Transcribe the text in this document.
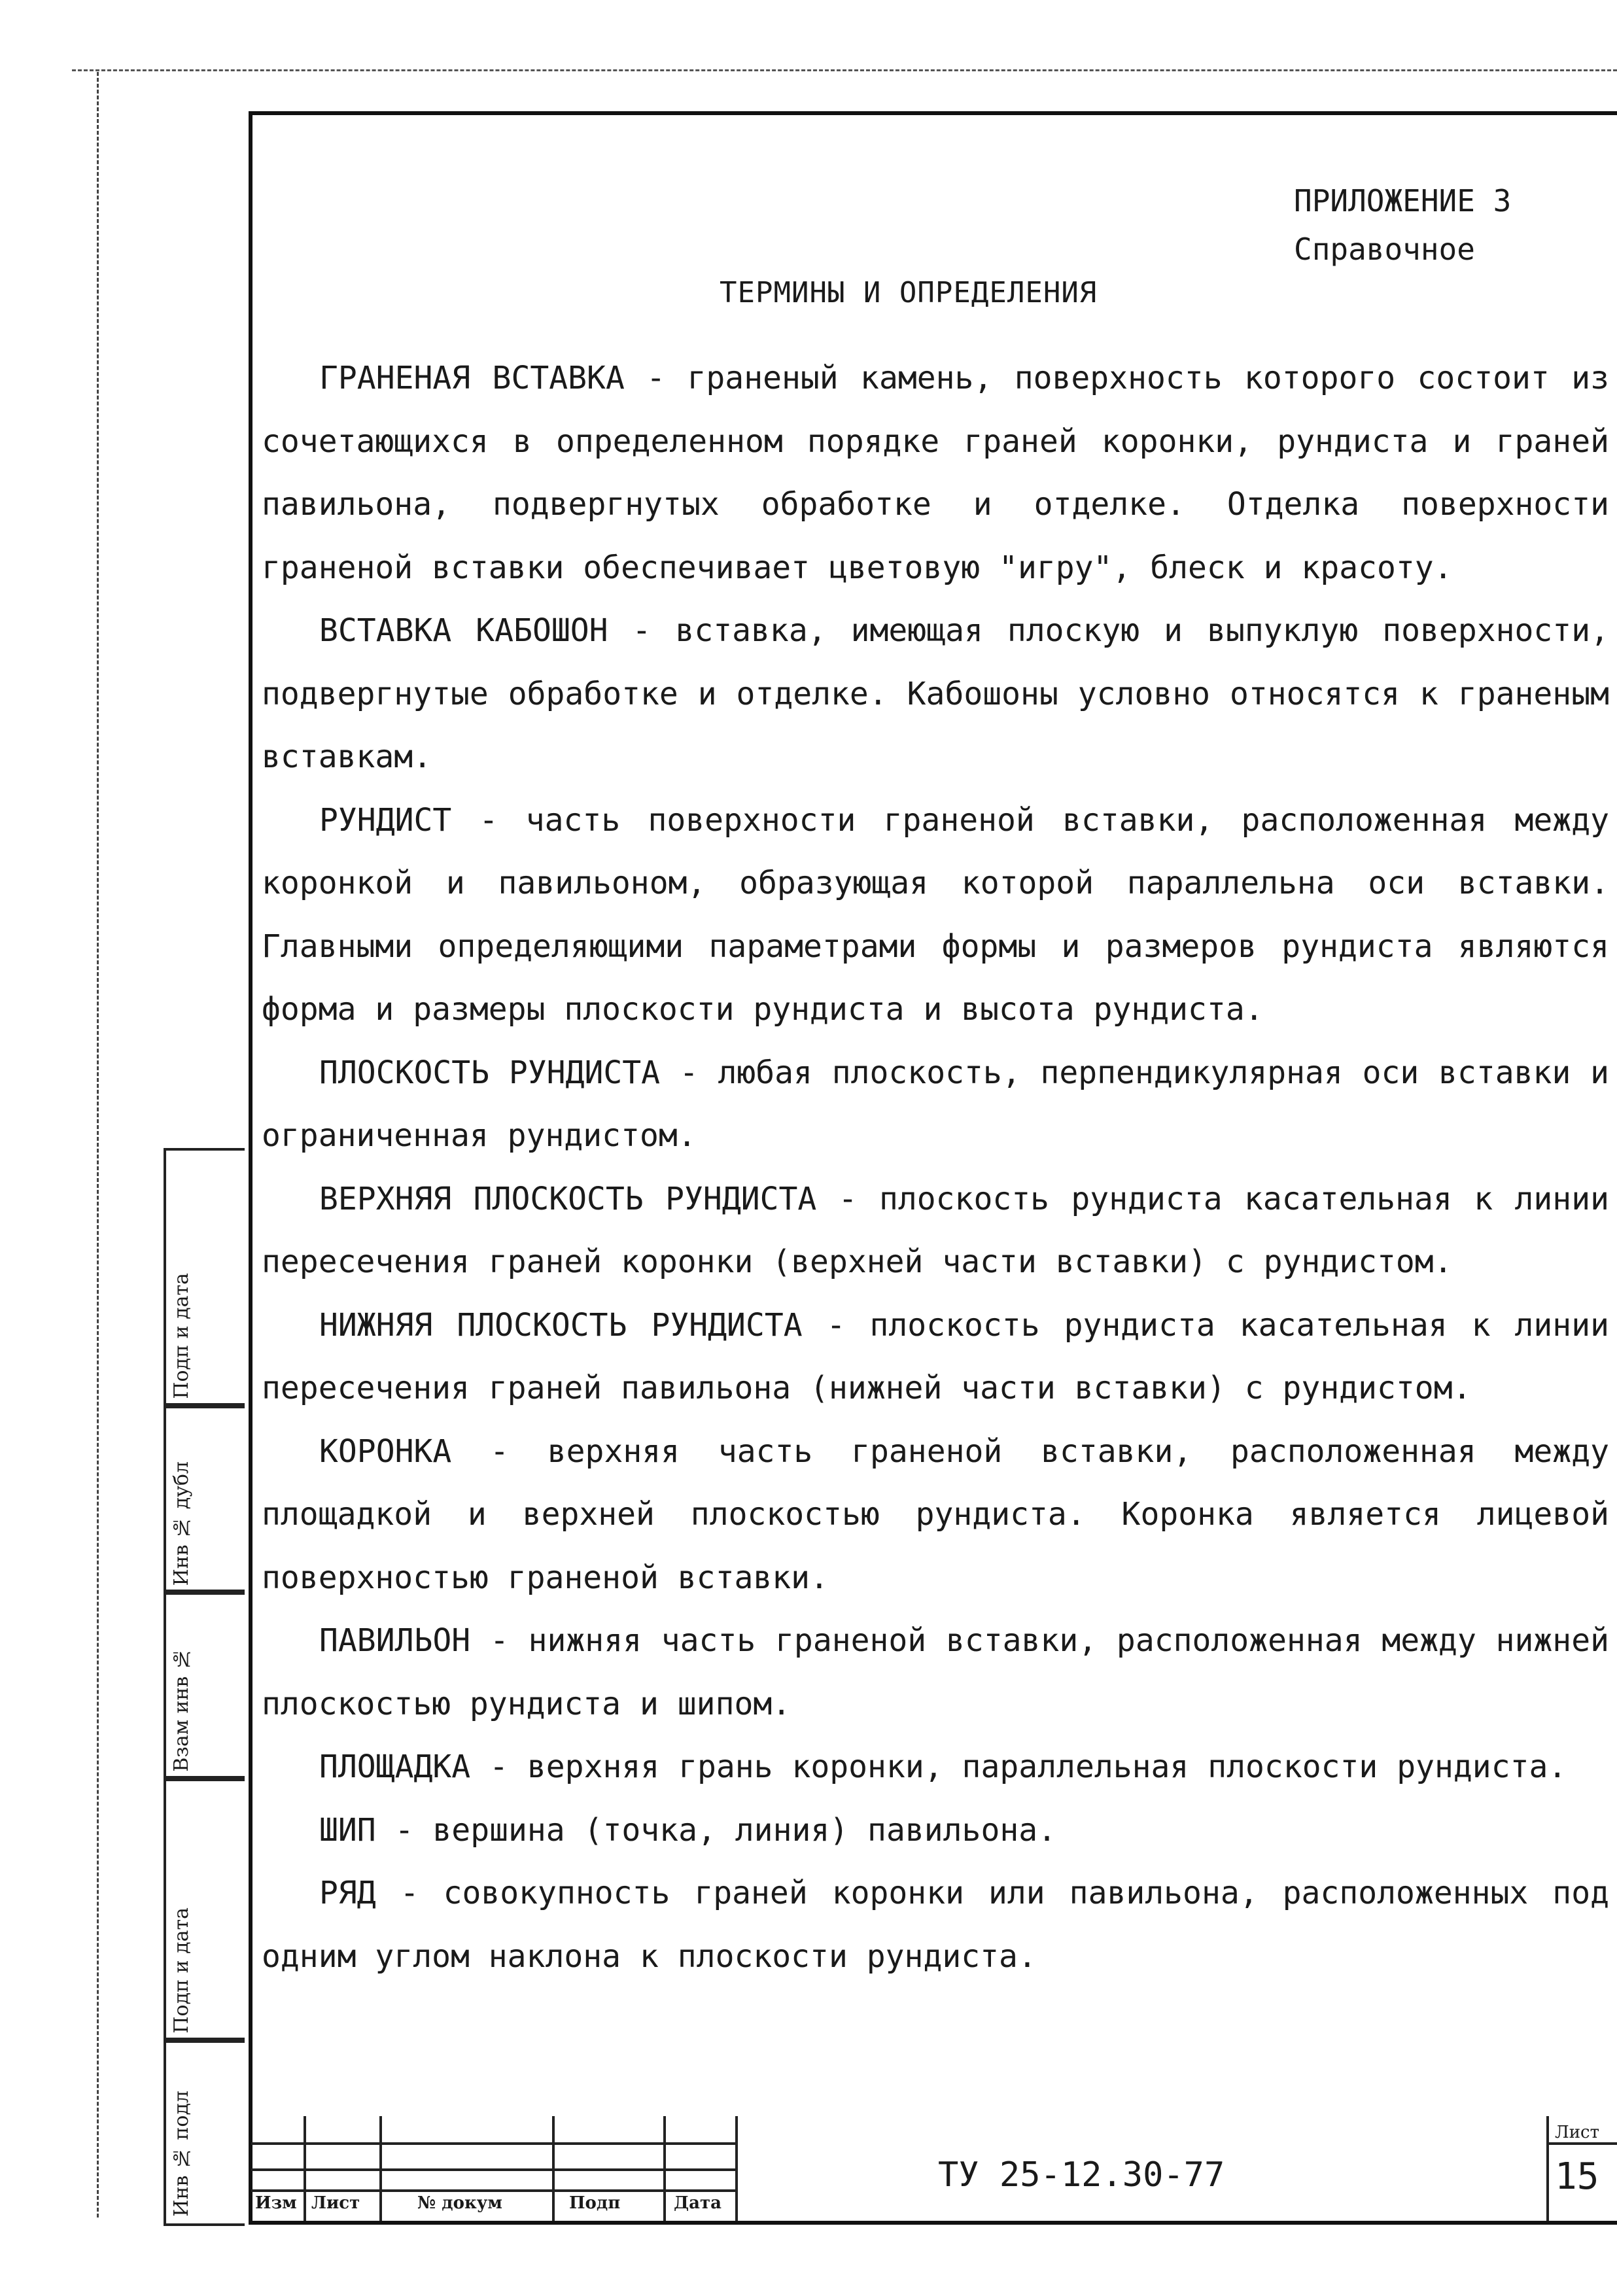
ПРИЛОЖЕНИЕ 3
Справочное
ТЕРМИНЫ И ОПРЕДЕЛЕНИЯ

ГРАНЕНАЯ ВСТАВКА - граненый камень, поверхность которого состоит из сочетающихся в определенном порядке граней коронки, рундиста и граней павильона, подвергнутых обработке и отделке. Отделка поверхности граненой вставки обеспечивает цветовую "игру", блеск и красоту.

ВСТАВКА КАБОШОН - вставка, имеющая плоскую и выпуклую поверхности, подвергнутые обработке и отделке. Кабошоны условно относятся к граненым вставкам.

РУНДИСТ - часть поверхности граненой вставки, расположенная между коронкой и павильоном, образующая которой параллельна оси вставки. Главными определяющими параметрами формы и размеров рундиста являются форма и размеры плоскости рундиста и высота рундиста.

ПЛОСКОСТЬ РУНДИСТА - любая плоскость, перпендикулярная оси вставки и ограниченная рундистом.

ВЕРХНЯЯ ПЛОСКОСТЬ РУНДИСТА - плоскость рундиста касательная к линии пересечения граней коронки (верхней части вставки) с рундистом.

НИЖНЯЯ ПЛОСКОСТЬ РУНДИСТА - плоскость рундиста касательная к линии пересечения граней павильона (нижней части вставки) с рундистом.

КОРОНКА - верхняя часть граненой вставки, расположенная между площадкой и верхней плоскостью рундиста. Коронка является лицевой поверхностью граненой вставки.

ПАВИЛЬОН - нижняя часть граненой вставки, расположенная между нижней плоскостью рундиста и шипом.

ПЛОЩАДКА - верхняя грань коронки, параллельная плоскости рундиста.

ШИП - вершина (точка, линия) павильона.

РЯД - совокупность граней коронки или павильона, расположенных под одним углом наклона к плоскости рундиста.

Подп и дата
Инв № дубл
Взам инв №
Подп и дата
Инв № подл	Изм Лист	№ докум	Подп	Дата
ТУ 25-12.30-77
Лист
15
